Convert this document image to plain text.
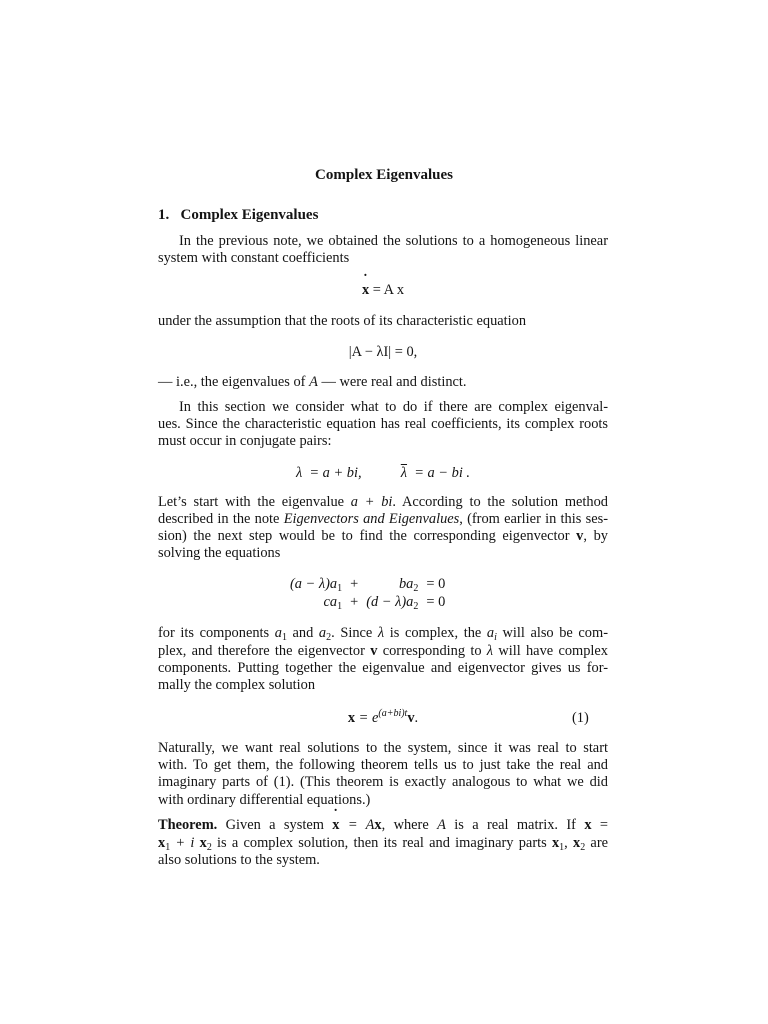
Complex Eigenvalues
1. Complex Eigenvalues
In the previous note, we obtained the solutions to a homogeneous linear
system with constant coefficients
˙ x = A x
under the assumption that the roots of its characteristic equation
|A − λI| = 0,
— i.e., the eigenvalues of A — were real and distinct.
In this section we consider what to do if there are complex eigenval-
ues. Since the characteristic equation has real coefficients, its complex roots
must occur in conjugate pairs:
λ = a + bi,	$\overline{\lambda} = a$ − bi .
Let’s start with the eigenvalue a + bi. According to the solution method
described in the note Eigenvectors and Eigenvalues, (from earlier in this ses-
sion) the next step would be to find the corresponding eigenvector v, by
solving the equations
$(a - \lambda)a_1$	+	$ba_2$	= 0
$ca_1$	+	$(d - \lambda)a_2$	= 0
for its components $a_1$ and $a_2$. Since λ is complex, the $a_i$ will also be com-
plex, and therefore the eigenvector v corresponding to λ will have complex
components. Putting together the eigenvalue and eigenvector gives us for-
mally the complex solution
$x = e^{(a+bi)t}v$.	(1)
Naturally, we want real solutions to the system, since it was real to start
with. To get them, the following theorem tells us to just take the real and
imaginary parts of (1). (This theorem is exactly analogous to what we did
with ordinary differential equations.)
Theorem. Given a system ˙ x = Ax, where A is a real matrix. If x =
$x_1 + i$ $x_2$ is a complex solution, then its real and imaginary parts $x_1$, $x_2$ are
also solutions to the system.
